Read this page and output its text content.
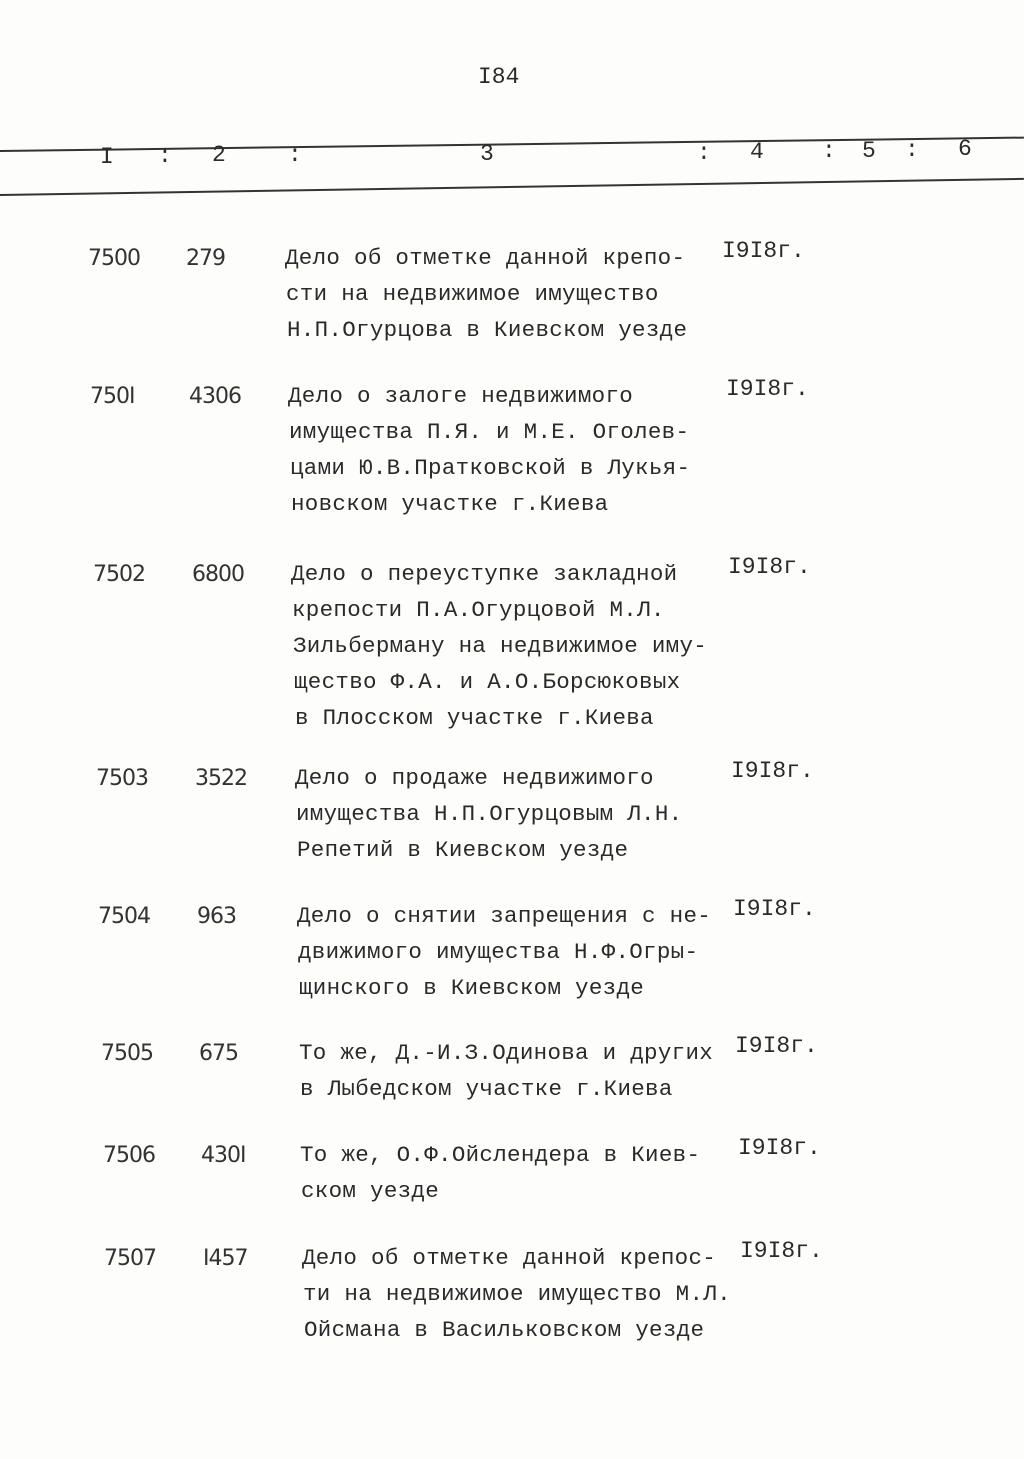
I84
I : 2	:	3	: 4	: 5 : 6
7500 279	Дело об отметке данной крепо-
сти на недвижимое имущество
Н.П.Огурцова в Киевском уезде
I9I8г.
750I 4306 Дело о залоге недвижимого
имущества П.Я. и М.Е. Оголев-
цами Ю.В.Пратковской в Лукья-
новском участке г.Киева
I9I8г.
7502 6800 Дело о переуступке закладной
крепости П.А.Огурцовой М.Л.
Зильберману на недвижимое иму-
щество Ф.А. и А.О.Борсюковых
в Плосском участке г.Киева
I9I8г.
7503 3522 Дело о продаже недвижимого
имущества Н.П.Огурцовым Л.Н.
Репетий в Киевском уезде
I9I8г.
7504 963	Дело о снятии запрещения с не-
движимого имущества Н.Ф.Огры-
щинского в Киевском уезде
I9I8г.
7505 675	То же, Д.-И.З.Одинова и других
в Лыбедском участке г.Киева
I9I8г.
7506 430I То же, О.Ф.Ойслендера в Киев-
ском уезде
I9I8г.
7507 I457 Дело об отметке данной крепос-
ти на недвижимое имущество М.Л.
Ойсмана в Васильковском уезде
I9I8г.
